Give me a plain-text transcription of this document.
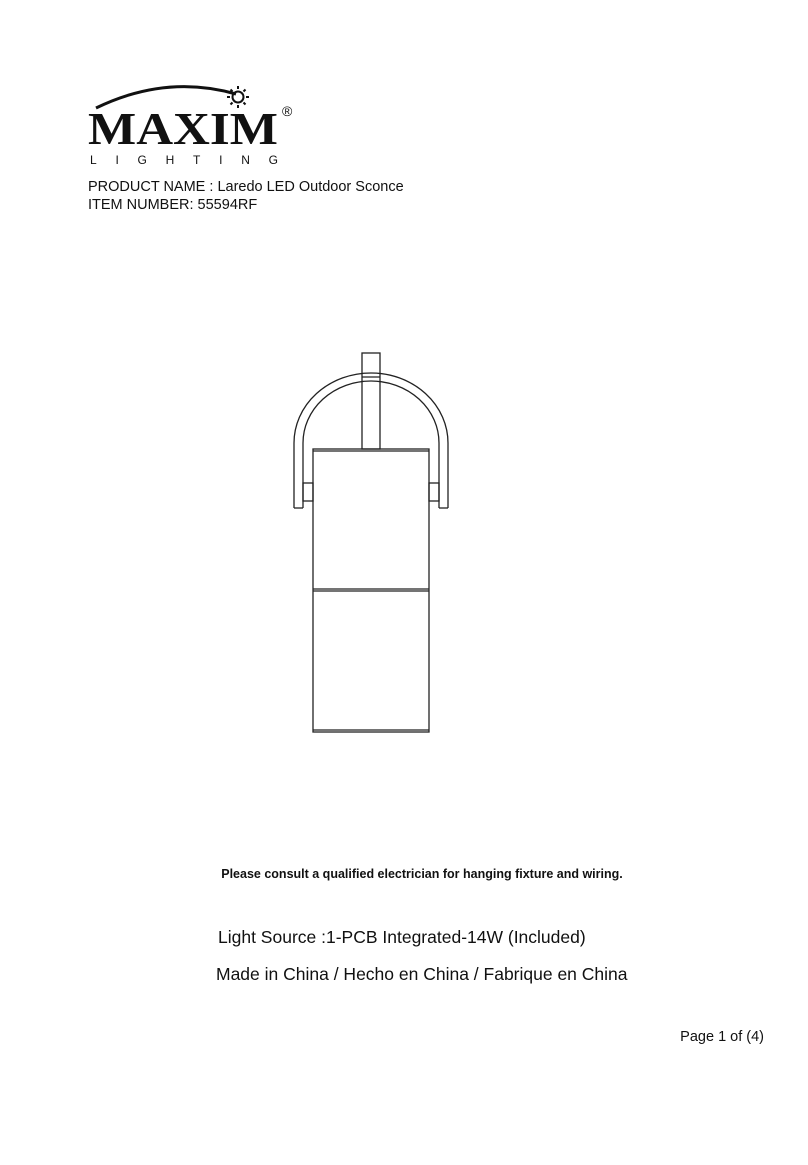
MAXIM ®
LIGHTING
PRODUCT NAME : Laredo LED Outdoor Sconce
ITEM NUMBER: 55594RF
Please consult a qualified electrician for hanging fixture and wiring.
Light Source :1-PCB Integrated-14W (Included)
Made in China / Hecho en China / Fabrique en China
Page 1 of (4)
